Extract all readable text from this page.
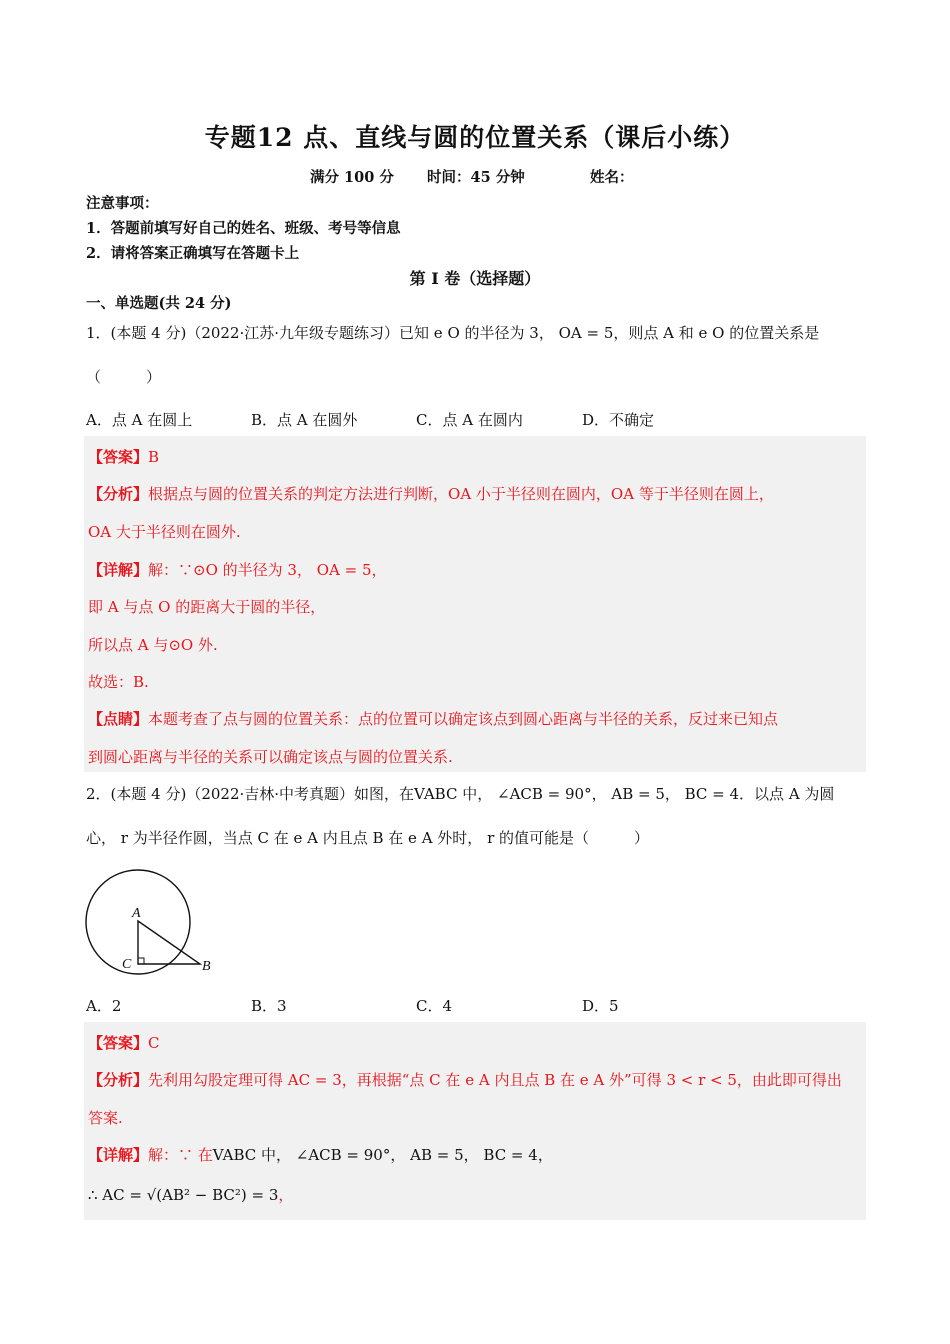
专题12 点、直线与圆的位置关系（课后小练）
满分 100 分 时间：45 分钟	姓名：
注意事项：
1．答题前填写好自己的姓名、班级、考号等信息
2．请将答案正确填写在答题卡上
第 I 卷（选择题）
一、单选题(共 24 分)
1．(本题 4 分)（2022·江苏·九年级专题练习）已知 e O 的半径为 3， OA = 5，则点 A 和 e O 的位置关系是
（　　　）
A．点 A 在圆上	B．点 A 在圆外	C．点 A 在圆内	D．不确定
【答案】B
【分析】根据点与圆的位置关系的判定方法进行判断，OA 小于半径则在圆内，OA 等于半径则在圆上，
OA 大于半径则在圆外.
【详解】解：∵⊙O 的半径为 3， OA = 5，
即 A 与点 O 的距离大于圆的半径，
所以点 A 与⊙O 外.
故选：B.
【点睛】本题考查了点与圆的位置关系：点的位置可以确定该点到圆心距离与半径的关系，反过来已知点
到圆心距离与半径的关系可以确定该点与圆的位置关系.
2．(本题 4 分)（2022·吉林·中考真题）如图，在VABC 中， ∠ACB = 90°， AB = 5， BC = 4．以点 A 为圆
心， r 为半径作圆，当点 C 在 e A 内且点 B 在 e A 外时， r 的值可能是（　　　）
A
C	B
A．2	B．3	C．4	D．5
【答案】C
【分析】先利用勾股定理可得 AC = 3，再根据“点 C 在 e A 内且点 B 在 e A 外”可得 3 < r < 5，由此即可得出
答案.
【详解】解：∵ 在VABC 中， ∠ACB = 90°， AB = 5， BC = 4，
∴ AC = √(AB² − BC²) = 3，
